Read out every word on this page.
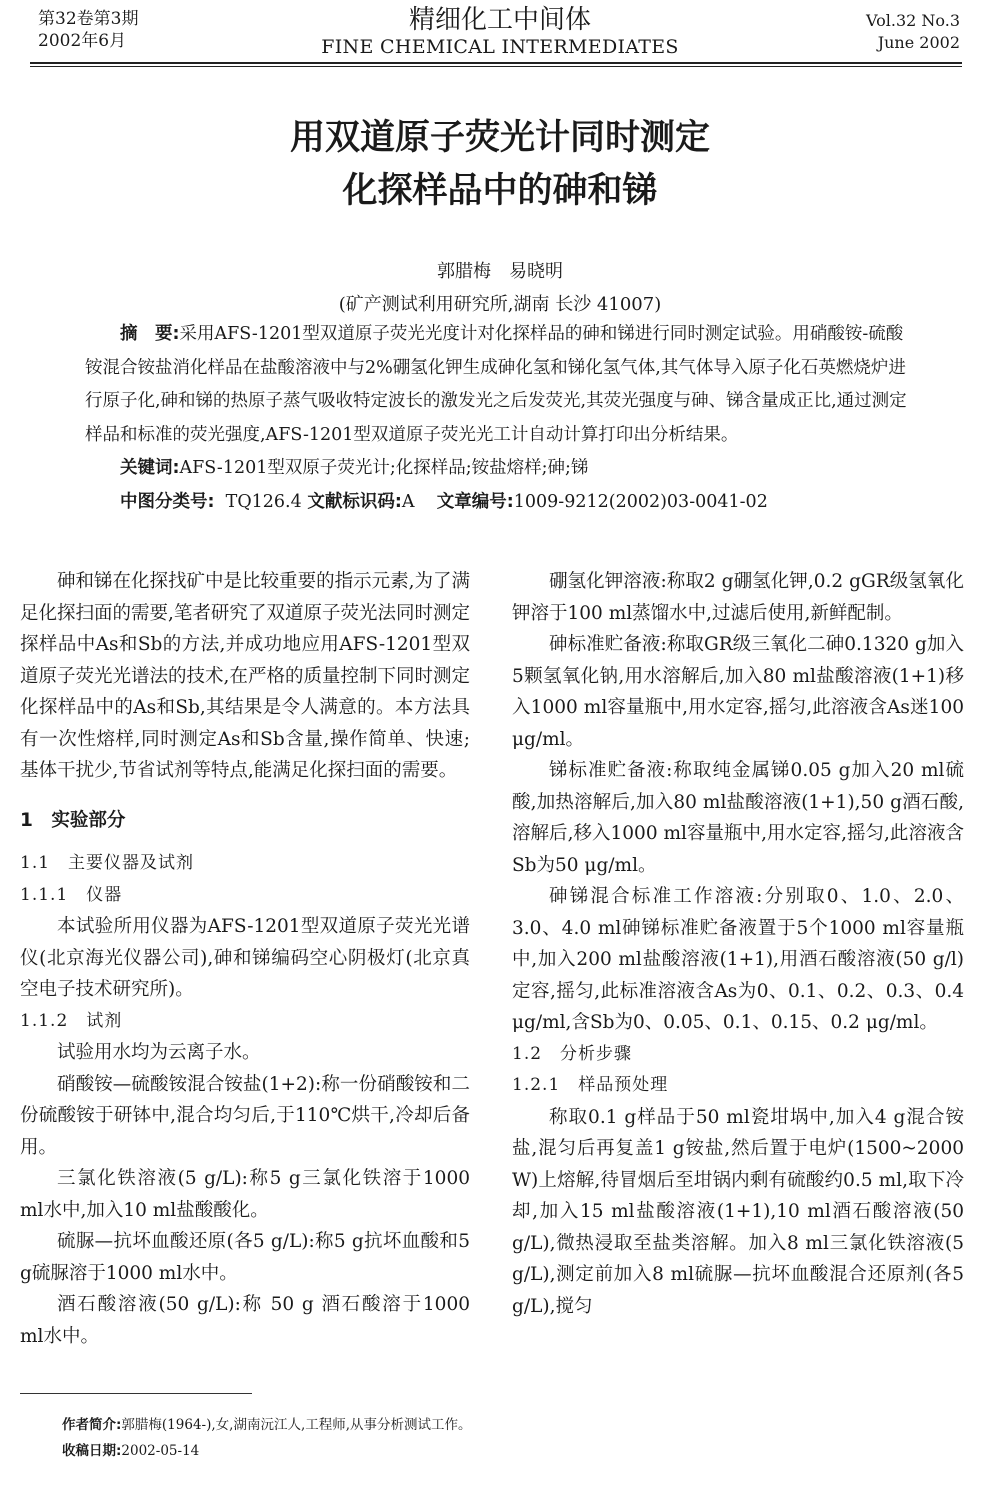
第32卷第3期
2002年6月
精细化工中间体
FINE CHEMICAL INTERMEDIATES
Vol.32 No.3
June 2002
用双道原子荧光计同时测定
化探样品中的砷和锑
郭腊梅　易晓明
(矿产测试利用研究所,湖南 长沙 41007)

摘　要:采用AFS-1201型双道原子荧光光度计对化探样品的砷和锑进行同时测定试验。用硝酸铵-硫酸铵混合铵盐消化样品在盐酸溶液中与2%硼氢化钾生成砷化氢和锑化氢气体,其气体导入原子化石英燃烧炉进行原子化,砷和锑的热原子蒸气吸收特定波长的激发光之后发荧光,其荧光强度与砷、锑含量成正比,通过测定样品和标准的荧光强度,AFS-1201型双道原子荧光光工计自动计算打印出分析结果。

关键词:AFS-1201型双原子荧光计;化探样品;铵盐熔样;砷;锑

中图分类号: TQ126.4 文献标识码:A 文章编号:1009-9212(2002)03-0041-02

砷和锑在化探找矿中是比较重要的指示元素,为了满足化探扫面的需要,笔者研究了双道原子荧光法同时测定探样品中As和Sb的方法,并成功地应用AFS-1201型双道原子荧光光谱法的技术,在严格的质量控制下同时测定化探样品中的As和Sb,其结果是令人满意的。本方法具有一次性熔样,同时测定As和Sb含量,操作简单、快速;基体干扰少,节省试剂等特点,能满足化探扫面的需要。

1　实验部分

1.1　主要仪器及试剂

1.1.1　仪器

本试验所用仪器为AFS-1201型双道原子荧光光谱仪(北京海光仪器公司),砷和锑编码空心阴极灯(北京真空电子技术研究所)。

1.1.2　试剂

试验用水均为云离子水。

硝酸铵—硫酸铵混合铵盐(1+2):称一份硝酸铵和二份硫酸铵于研钵中,混合均匀后,于110℃烘干,冷却后备用。

三氯化铁溶液(5 g/L):称5 g三氯化铁溶于1000 ml水中,加入10 ml盐酸酸化。

硫脲—抗坏血酸还原(各5 g/L):称5 g抗坏血酸和5 g硫脲溶于1000 ml水中。

酒石酸溶液(50 g/L):称 50 g 酒石酸溶于1000 ml水中。

硼氢化钾溶液:称取2 g硼氢化钾,0.2 gGR级氢氧化钾溶于100 ml蒸馏水中,过滤后使用,新鲜配制。

砷标准贮备液:称取GR级三氧化二砷0.1320 g加入5颗氢氧化钠,用水溶解后,加入80 ml盐酸溶液(1+1)移入1000 ml容量瓶中,用水定容,摇匀,此溶液含As迷100 μg/ml。

锑标准贮备液:称取纯金属锑0.05 g加入20 ml硫酸,加热溶解后,加入80 ml盐酸溶液(1+1),50 g酒石酸,溶解后,移入1000 ml容量瓶中,用水定容,摇匀,此溶液含Sb为50 μg/ml。

砷锑混合标准工作溶液:分别取0、1.0、2.0、3.0、4.0 ml砷锑标准贮备液置于5个1000 ml容量瓶中,加入200 ml盐酸溶液(1+1),用酒石酸溶液(50 g/l)定容,摇匀,此标准溶液含As为0、0.1、0.2、0.3、0.4 μg/ml,含Sb为0、0.05、0.1、0.15、0.2 μg/ml。

1.2　分析步骤

1.2.1　样品预处理

称取0.1 g样品于50 ml瓷坩埚中,加入4 g混合铵盐,混匀后再复盖1 g铵盐,然后置于电炉(1500~2000 W)上熔解,待冒烟后至坩锅内剩有硫酸约0.5 ml,取下冷却,加入15 ml盐酸溶液(1+1),10 ml酒石酸溶液(50 g/L),微热浸取至盐类溶解。加入8 ml三氯化铁溶液(5 g/L),测定前加入8 ml硫脲—抗坏血酸混合还原剂(各5 g/L),搅匀

作者简介:郭腊梅(1964-),女,湖南沅江人,工程师,从事分析测试工作。
收稿日期:2002-05-14
